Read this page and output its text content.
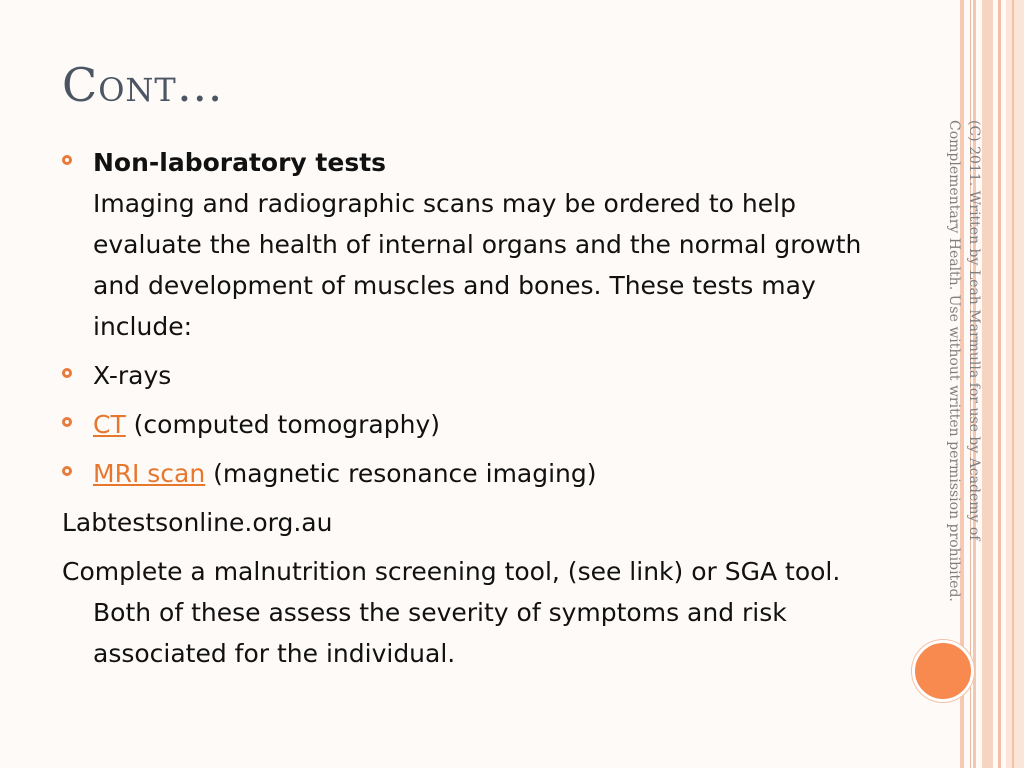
Cont…
Non-laboratory tests
Imaging and radiographic scans may be ordered to help evaluate the health of internal organs and the normal growth and development of muscles and bones. These tests may include:
X-rays
CT (computed tomography)
MRI scan (magnetic resonance imaging)
Labtestsonline.org.au
Complete a malnutrition screening tool, (see link) or SGA tool. Both of these assess the severity of symptoms and risk associated for the individual.
(C) 2011. Written by Leah Marmulla for use by Academy of Complementary Health. Use without written permission prohibited.
